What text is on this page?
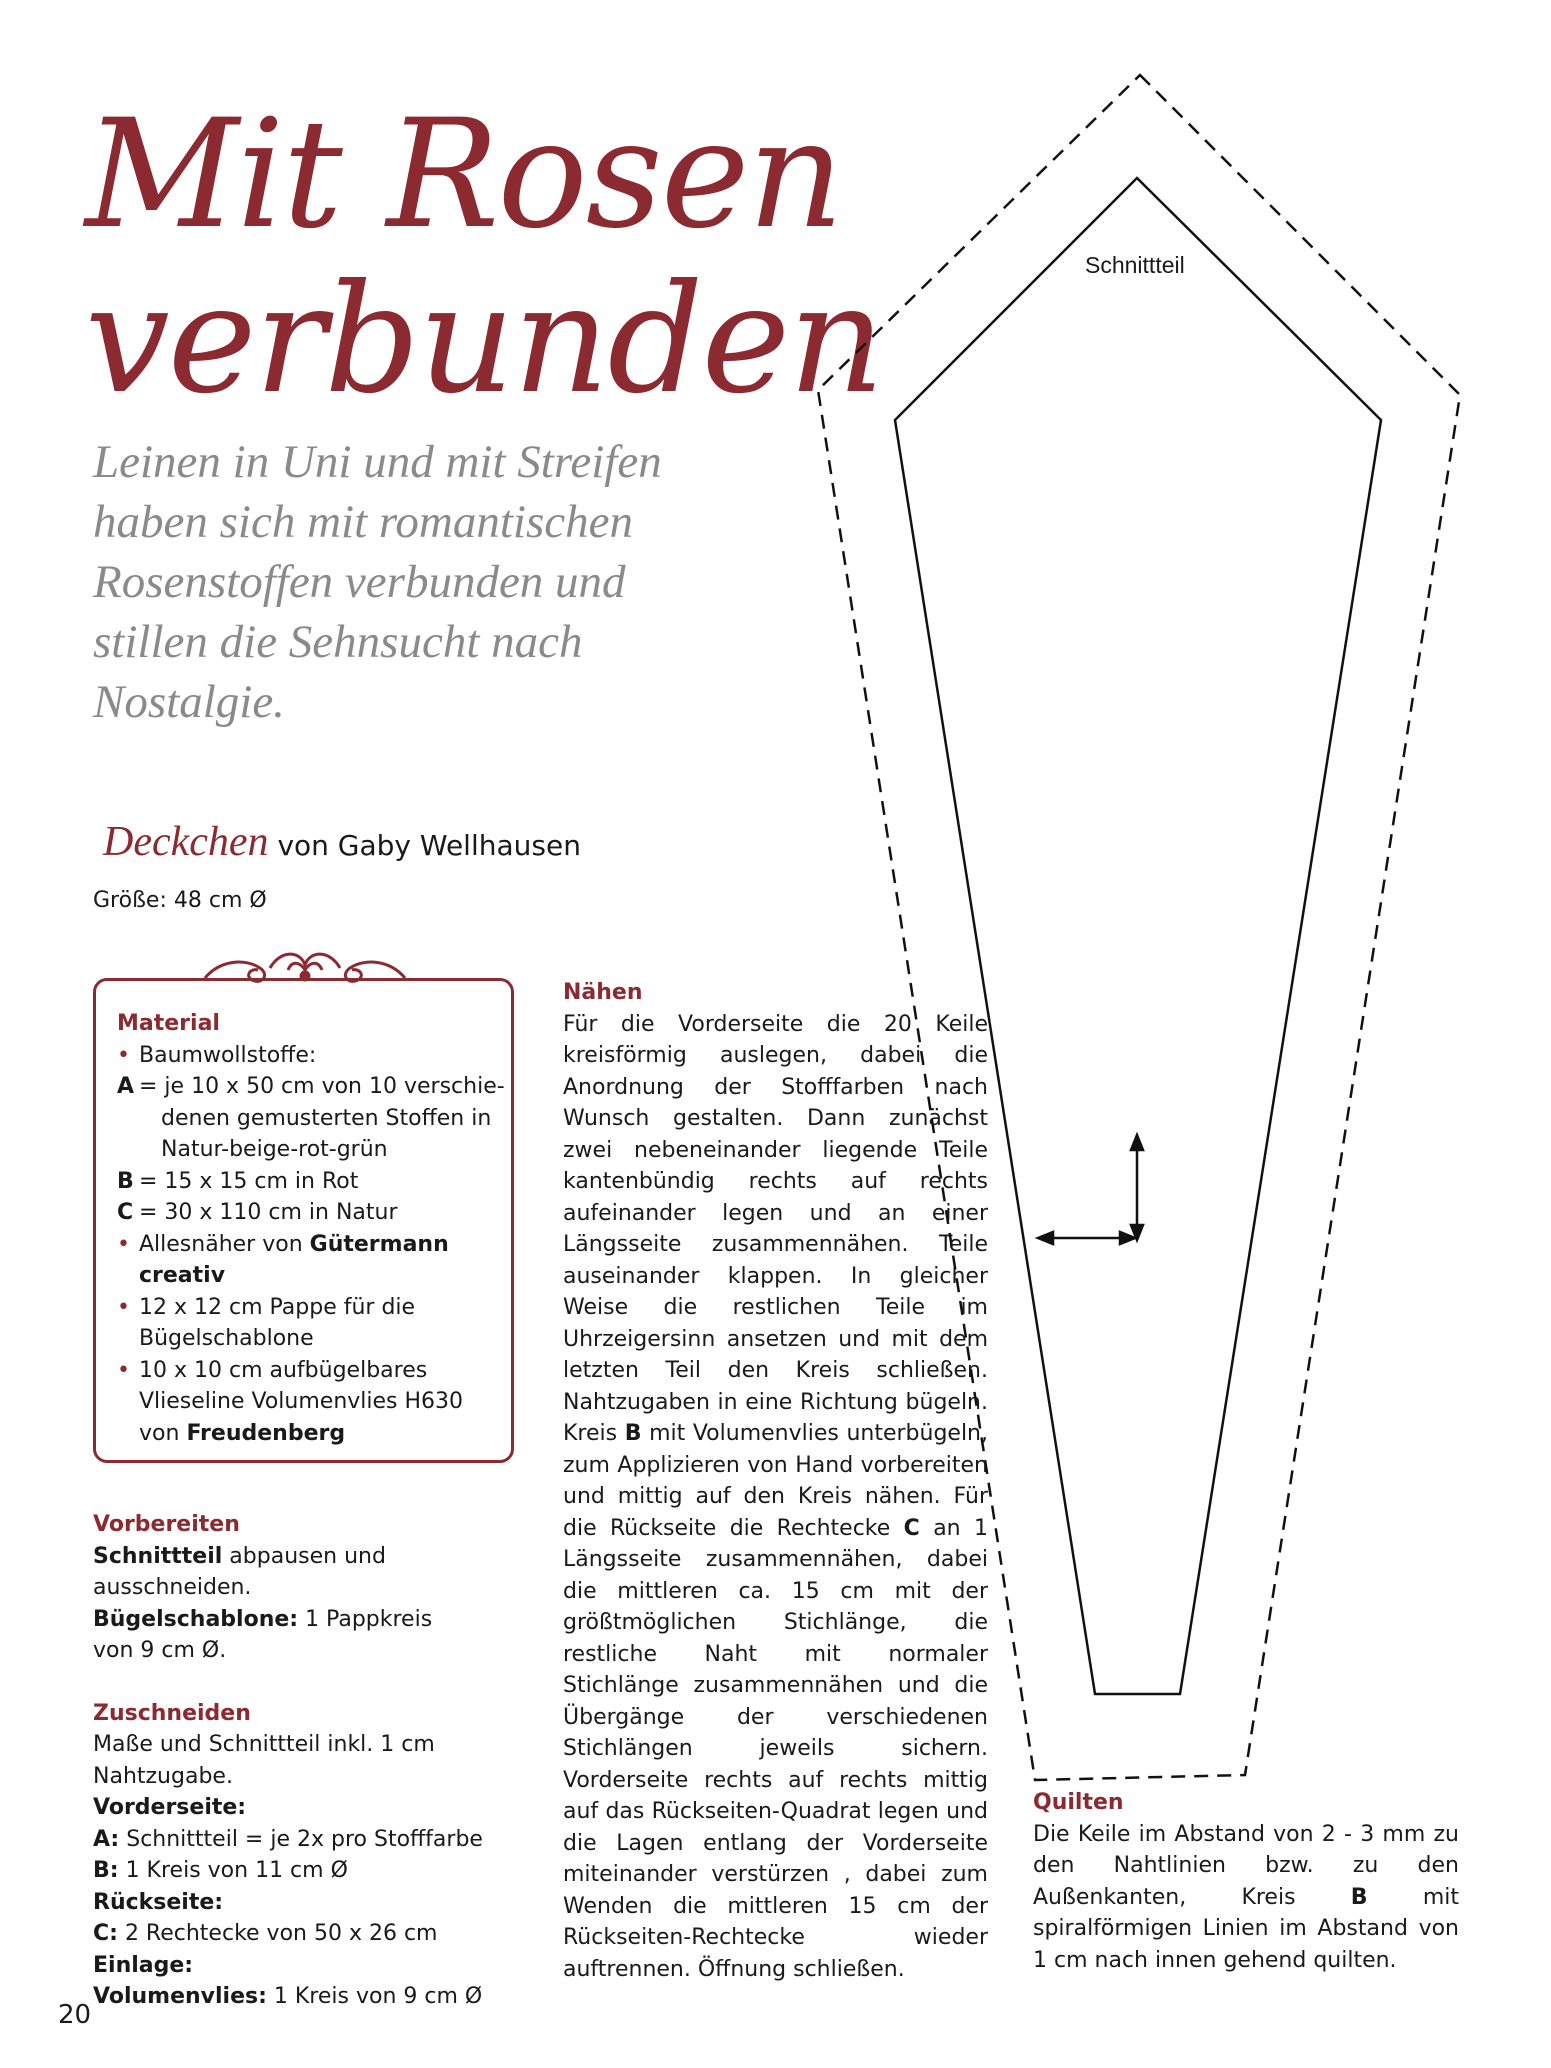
Mit Rosen
verbunden
Leinen in Uni und mit Streifen haben sich mit romantischen Rosenstoffen verbunden und stillen die Sehnsucht nach Nostalgie.
Schnittteil
Deckchen von Gaby Wellhausen
Größe: 48 cm Ø
Material
• Baumwollstoffe:
A = je 10 x 50 cm von 10 verschie-
denen gemusterten Stoffen in
Natur-beige-rot-grün
B = 15 x 15 cm in Rot
C = 30 x 110 cm in Natur
• Allesnäher von Gütermann
creativ
• 12 x 12 cm Pappe für die
Bügelschablone
• 10 x 10 cm aufbügelbares
Vlieseline Volumenvlies H630
von Freudenberg
Vorbereiten
Schnittteil abpausen und ausschneiden.
Bügelschablone: 1 Pappkreis
von 9 cm Ø.
Zuschneiden
Maße und Schnittteil inkl. 1 cm
Nahtzugabe.
Vorderseite:
A: Schnittteil = je 2x pro Stofffarbe
B: 1 Kreis von 11 cm Ø
Rückseite:
C: 2 Rechtecke von 50 x 26 cm
Einlage:
Volumenvlies: 1 Kreis von 9 cm Ø
Nähen
Für die Vorderseite die 20 Keile kreisförmig auslegen, dabei die Anordnung der Stofffarben nach Wunsch gestalten. Dann zunächst zwei nebeneinander liegende Teile kantenbündig rechts auf rechts aufeinander legen und an einer Längsseite zusammennähen. Teile auseinander klappen. In gleicher Weise die restlichen Teile im Uhrzeigersinn ansetzen und mit dem letzten Teil den Kreis schließen. Nahtzugaben in eine Richtung bügeln. Kreis B mit Volumenvlies unterbügeln, zum Applizieren von Hand vorbereiten und mittig auf den Kreis nähen. Für die Rückseite die Rechtecke C an 1 Längsseite zusammennähen, dabei die mittleren ca. 15 cm mit der größtmöglichen Stichlänge, die restliche Naht mit normaler Stichlänge zusammennähen und die Übergänge der verschiedenen Stichlängen jeweils sichern. Vorderseite rechts auf rechts mittig auf das Rückseiten-Quadrat legen und die Lagen entlang der Vorderseite miteinander verstürzen , dabei zum Wenden die mittleren 15 cm der Rückseiten-Rechtecke wieder auftrennen. Öffnung schließen.
Quilten
Die Keile im Abstand von 2 - 3 mm zu den Nahtlinien bzw. zu den Außenkanten, Kreis B mit spiralförmigen Linien im Abstand von 1 cm nach innen gehend quilten.
20
